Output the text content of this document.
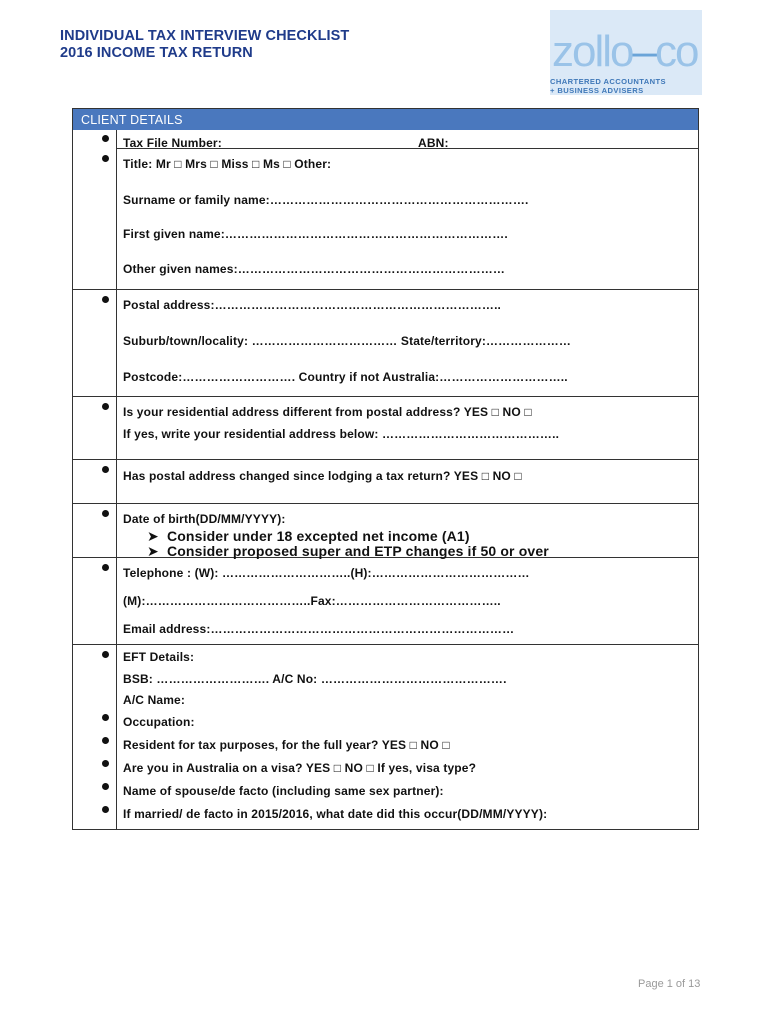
INDIVIDUAL TAX INTERVIEW CHECKLIST
2016 INCOME TAX RETURN	zollo–co
CHARTERED ACCOUNTANTS
+ BUSINESS ADVISERS
CLIENT DETAILS
Tax File Number:	ABN:
Title: Mr □ Mrs □ Miss □ Ms □ Other:
Surname or family name:……………………………………………………….
First given name:…………………………………………………………….
Other given names:…………………………………………………………
Postal address:……………………………………………………………..
Suburb/town/locality: ……………………………… State/territory:…………………
Postcode:………………………. Country if not Australia:…………………………..
Is your residential address different from postal address? YES □ NO □
If yes, write your residential address below: ……………………………………..
Has postal address changed since lodging a tax return? YES □ NO □
Date of birth(DD/MM/YYYY):
➤  Consider under 18 excepted net income (A1)
➤  Consider proposed super and ETP changes if 50 or over
Telephone : (W): …………………………..(H):…………………………………
(M):…………………………………..Fax:…………………………………..
Email address:…………………………………………………………………
EFT Details:
BSB: ………………………. A/C No: ……………………………………….
A/C Name:
Occupation:
Resident for tax purposes, for the full year? YES □ NO □
Are you in Australia on a visa? YES □ NO □ If yes, visa type?
Name of spouse/de facto (including same sex partner):
If married/ de facto in 2015/2016, what date did this occur(DD/MM/YYYY):
Page 1 of 13
